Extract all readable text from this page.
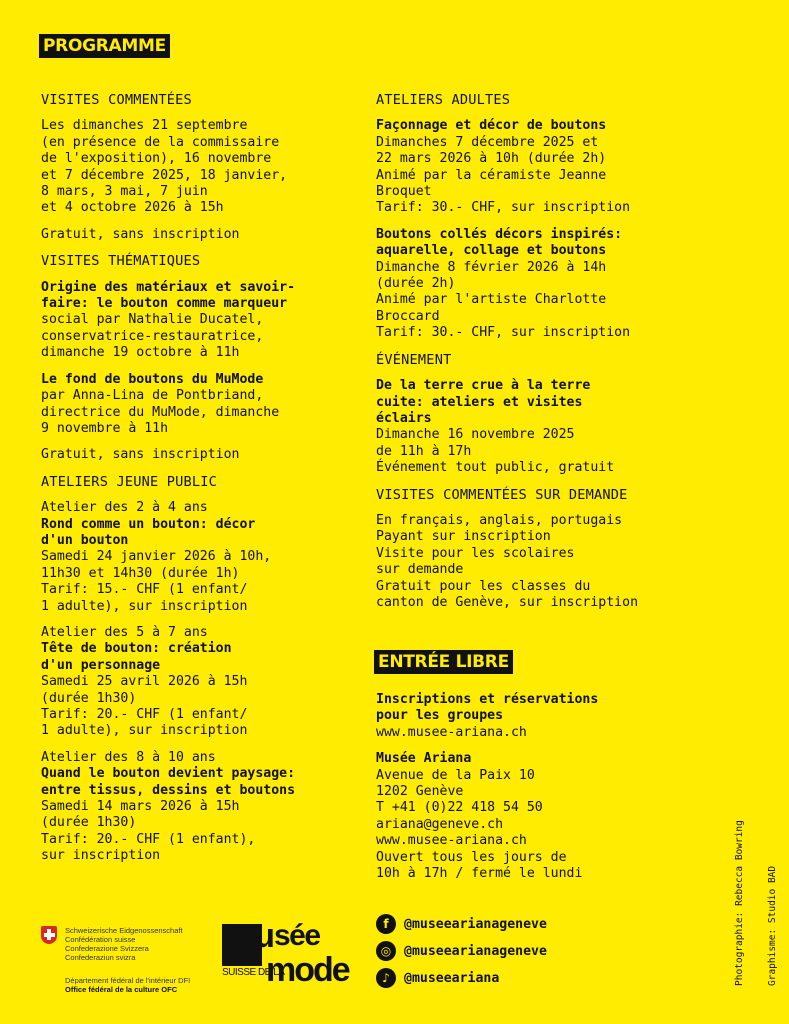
PROGRAMME
VISITES COMMENTÉES
Les dimanches 21 septembre
(en présence de la commissaire
de l'exposition), 16 novembre
et 7 décembre 2025, 18 janvier,
8 mars, 3 mai, 7 juin
et 4 octobre 2026 à 15h
Gratuit, sans inscription
VISITES THÉMATIQUES
Origine des matériaux et savoir-
faire: le bouton comme marqueur
social par Nathalie Ducatel,
conservatrice-restauratrice,
dimanche 19 octobre à 11h
Le fond de boutons du MuMode
par Anna-Lina de Pontbriand,
directrice du MuMode, dimanche
9 novembre à 11h
Gratuit, sans inscription
ATELIERS JEUNE PUBLIC
Atelier des 2 à 4 ans
Rond comme un bouton: décor
d'un bouton
Samedi 24 janvier 2026 à 10h,
11h30 et 14h30 (durée 1h)
Tarif: 15.- CHF (1 enfant/
1 adulte), sur inscription
Atelier des 5 à 7 ans
Tête de bouton: création
d'un personnage
Samedi 25 avril 2026 à 15h
(durée 1h30)
Tarif: 20.- CHF (1 enfant/
1 adulte), sur inscription
Atelier des 8 à 10 ans
Quand le bouton devient paysage:
entre tissus, dessins et boutons
Samedi 14 mars 2026 à 15h
(durée 1h30)
Tarif: 20.- CHF (1 enfant),
sur inscription
ATELIERS ADULTES
Façonnage et décor de boutons
Dimanches 7 décembre 2025 et
22 mars 2026 à 10h (durée 2h)
Animé par la céramiste Jeanne
Broquet
Tarif: 30.- CHF, sur inscription
Boutons collés décors inspirés:
aquarelle, collage et boutons
Dimanche 8 février 2026 à 14h
(durée 2h)
Animé par l'artiste Charlotte
Broccard
Tarif: 30.- CHF, sur inscription
ÉVÉNEMENT
De la terre crue à la terre
cuite: ateliers et visites
éclairs
Dimanche 16 novembre 2025
de 11h à 17h
Événement tout public, gratuit
VISITES COMMENTÉES SUR DEMANDE
En français, anglais, portugais
Payant sur inscription
Visite pour les scolaires
sur demande
Gratuit pour les classes du
canton de Genève, sur inscription
ENTRÉE LIBRE
Inscriptions et réservations
pour les groupes
www.musee-ariana.ch
Musée Ariana
Avenue de la Paix 10
1202 Genève
T +41 (0)22 418 54 50
ariana@geneve.ch
www.musee-ariana.ch
Ouvert tous les jours de
10h à 17h / fermé le lundi
f	@museearianageneve
◎ @museearianageneve
♪	@museeariana
Schweizerische Eidgenossenschaft
Confédération suisse
Confederazione Svizzera
Confederaziun svizra
Département fédéral de l'intérieur DFI
Office fédéral de la culture OFC
mu sée
mode
SUISSE DE LA

	Photographie: Rebecca Bowring

Graphisme: Studio BAD
